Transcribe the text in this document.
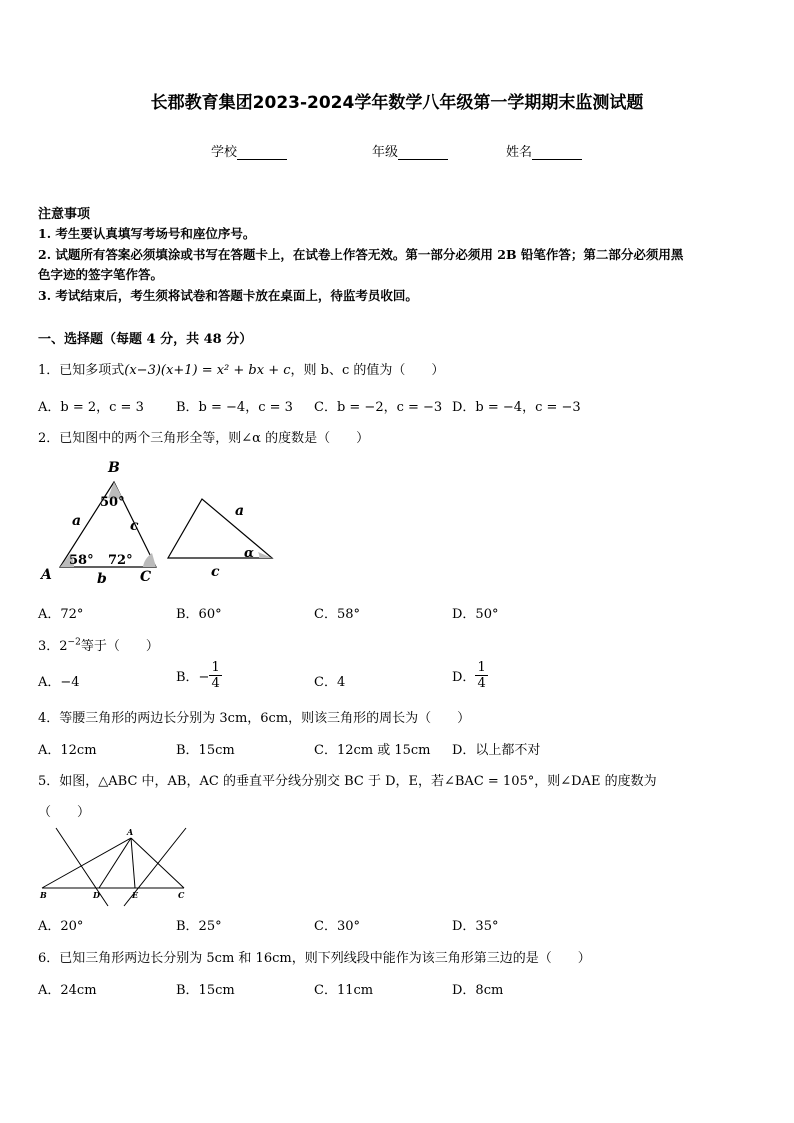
长郡教育集团2023-2024学年数学八年级第一学期期末监测试题
学校	年级	姓名
注意事项
1. 考生要认真填写考场号和座位序号。
2. 试题所有答案必须填涂或书写在答题卡上，在试卷上作答无效。第一部分必须用 2B 铅笔作答；第二部分必须用黑
色字迹的签字笔作答。
3. 考试结束后，考生须将试卷和答题卡放在桌面上，待监考员收回。
一、选择题（每题 4 分，共 48 分）
1．已知多项式(x−3)(x+1) = x² + bx + c，则 b、c 的值为（　　）
A．b = 2，c = 3 B．b = −4，c = 3 C．b = −2，c = −3 D．b = −4，c = −3
2．已知图中的两个三角形全等，则∠α 的度数是（　　）
B
50°
a	c
58° 72°
A	b C
a
α
c
A．72°	B．60°	C．58°	D．50°
3．$2^{-2}$等于（　　）
A．−4	B．− $\frac{1}{4}$	C．4	D． $\frac{1}{4}$
4．等腰三角形的两边长分别为 3cm，6cm，则该三角形的周长为（　　）
A．12cm	B．15cm	C．12cm 或 15cm D．以上都不对
5．如图，△ABC 中，AB，AC 的垂直平分线分别交 BC 于 D，E，若∠BAC = 105°，则∠DAE 的度数为
（　　）
A
B	D	E	C
A．20°	B．25°	C．30°	D．35°
6．已知三角形两边长分别为 5cm 和 16cm，则下列线段中能作为该三角形第三边的是（　　）
A．24cm	B．15cm	C．11cm	D．8cm
